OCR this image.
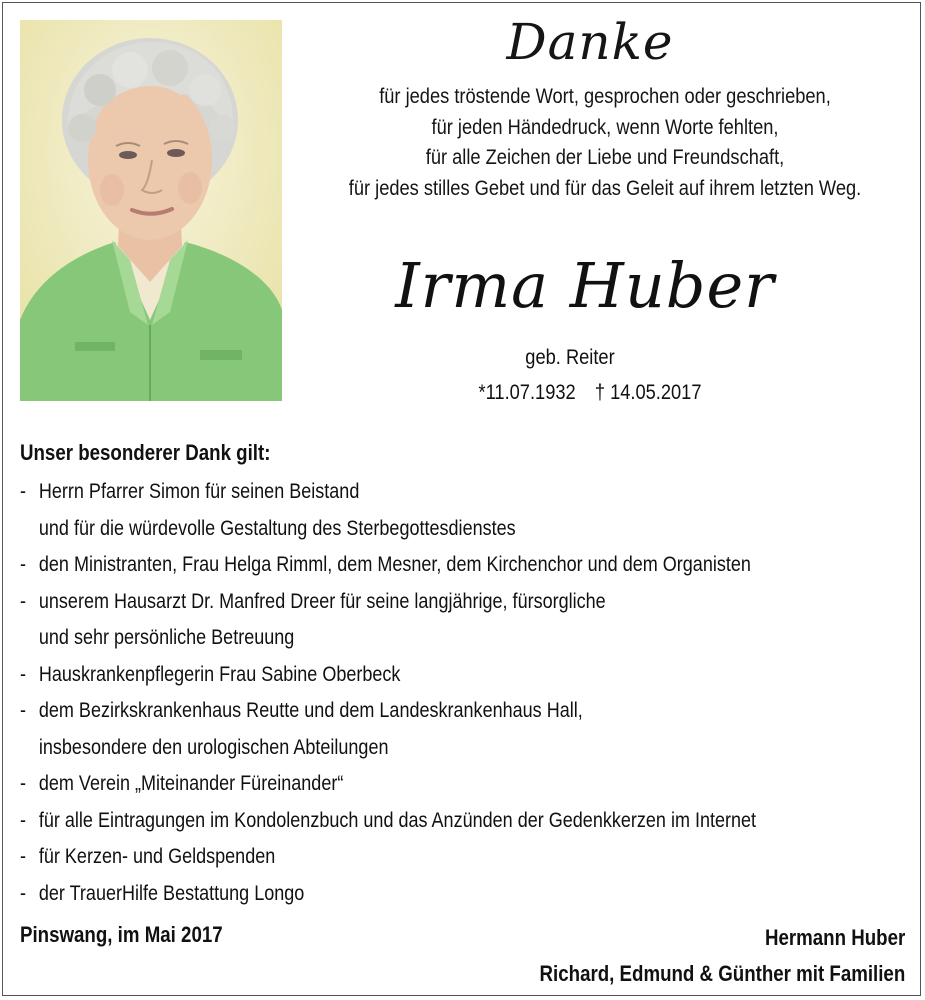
Danke
für jedes tröstende Wort, gesprochen oder geschrieben,
für jeden Händedruck, wenn Worte fehlten,
für alle Zeichen der Liebe und Freundschaft,
für jedes stilles Gebet und für das Geleit auf ihrem letzten Weg.
Irma Huber
geb. Reiter
*11.07.1932 † 14.05.2017
Unser besonderer Dank gilt:
- Herrn Pfarrer Simon für seinen Beistand
und für die würdevolle Gestaltung des Sterbegottesdienstes
- den Ministranten, Frau Helga Rimml, dem Mesner, dem Kirchenchor und dem Organisten
- unserem Hausarzt Dr. Manfred Dreer für seine langjährige, fürsorgliche
und sehr persönliche Betreuung
- Hauskrankenpflegerin Frau Sabine Oberbeck
- dem Bezirkskrankenhaus Reutte und dem Landeskrankenhaus Hall,
insbesondere den urologischen Abteilungen
- dem Verein „Miteinander Füreinander“
- für alle Eintragungen im Kondolenzbuch und das Anzünden der Gedenkkerzen im Internet
- für Kerzen- und Geldspenden
- der TrauerHilfe Bestattung Longo
Pinswang, im Mai 2017	Hermann Huber
Richard, Edmund & Günther mit Familien
